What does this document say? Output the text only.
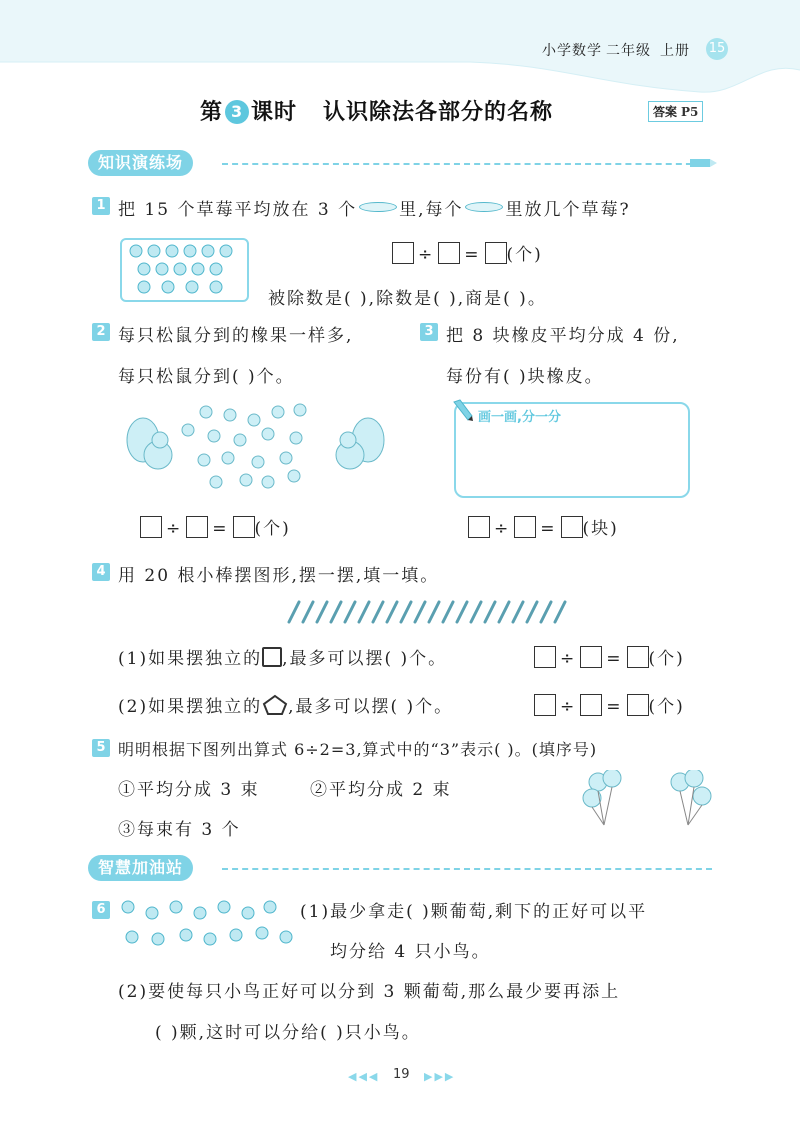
小学数学 二年级 上册 15
第 3 课时 认识除法各部分的名称	答案 P5
知识演练场
1 把 15 个草莓平均放在 3 个 里,每个 里放几个草莓?
÷ = (个)
被除数是( ),除数是( ),商是( )。
2 每只松鼠分到的橡果一样多,
每只松鼠分到( )个。
÷ = (个)
3 把 8 块橡皮平均分成 4 份,
每份有( )块橡皮。
画一画,分一分
÷ = (块)
4 用 20 根小棒摆图形,摆一摆,填一填。
(1)如果摆独立的 ,最多可以摆( )个。	÷ = (个)
(2)如果摆独立的 ,最多可以摆( )个。	÷ = (个)
5 明明根据下图列出算式 6÷2=3,算式中的“3”表示( )。(填序号)
①平均分成 3 束	②平均分成 2 束
③每束有 3 个
智慧加油站
6	(1)最少拿走( )颗葡萄,剩下的正好可以平
均分给 4 只小鸟。
(2)要使每只小鸟正好可以分到 3 颗葡萄,那么最少要再添上
( )颗,这时可以分给( )只小鸟。
◀◀◀ 19 ▶▶▶
